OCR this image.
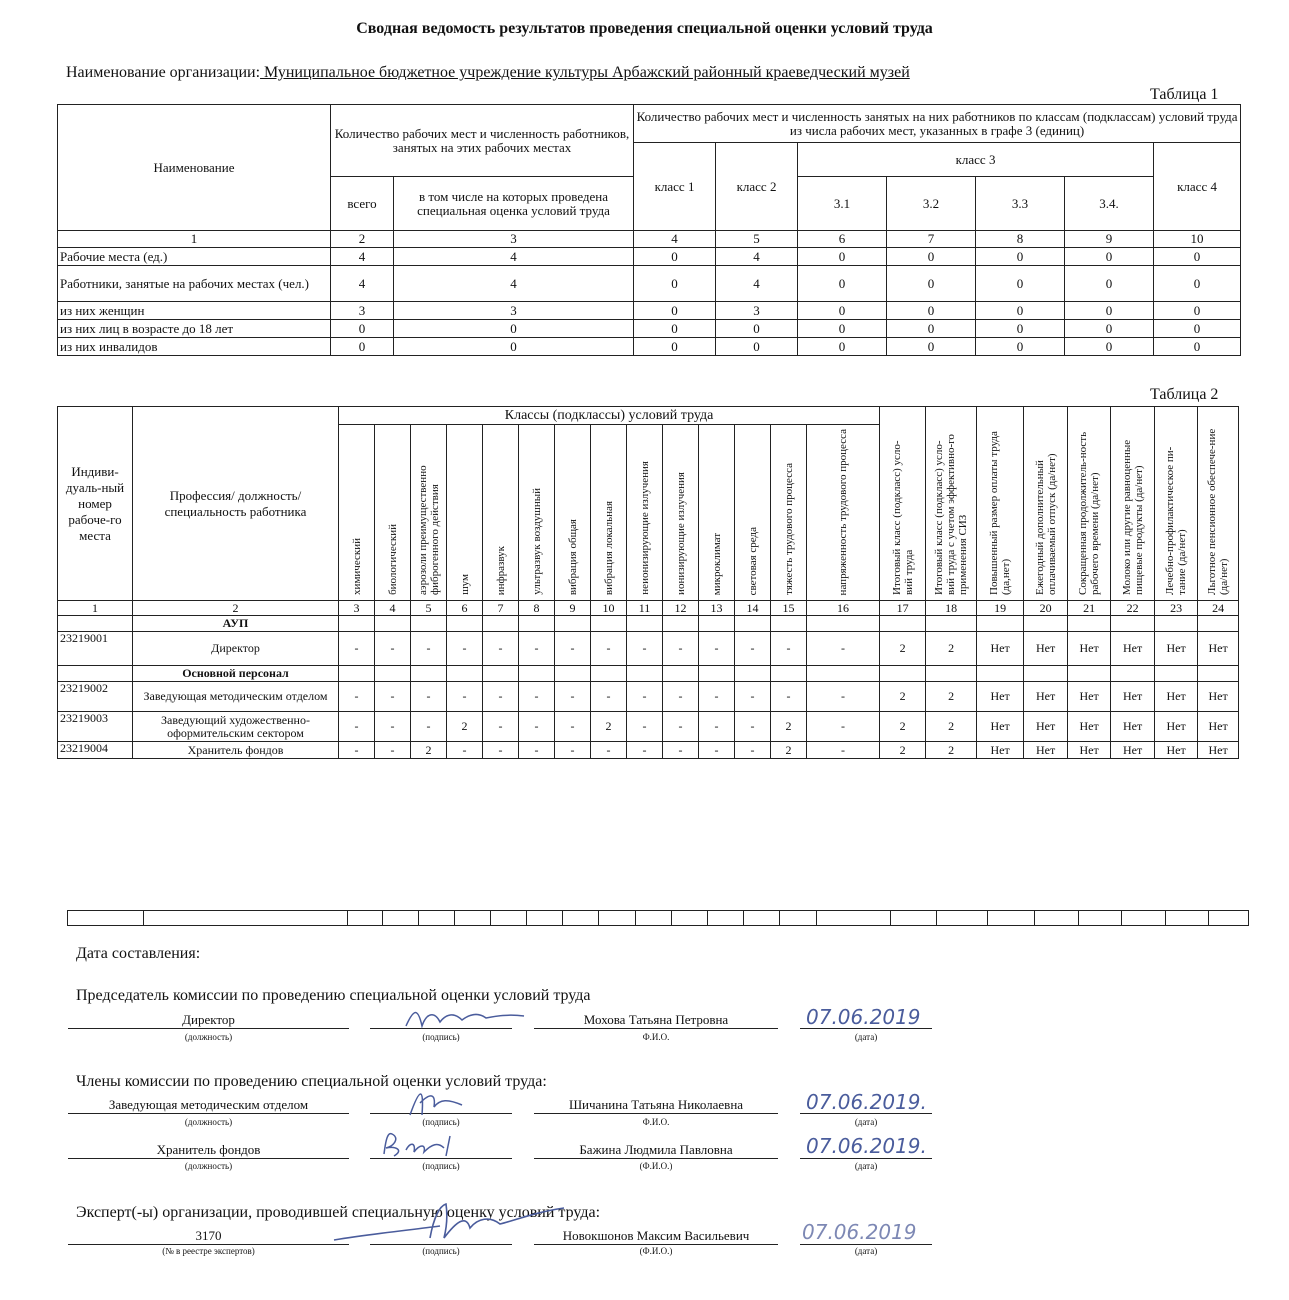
Сводная ведомость результатов проведения специальной оценки условий труда
Наименование организации: Муниципальное бюджетное учреждение культуры Арбажский районный краеведческий музей
Таблица 1
Наименование	Количество рабочих мест и численность работников, занятых на этих рабочих местах		Количество рабочих мест и численность занятых на них работников по классам (подклассам) условий труда из числа рабочих мест, указанных в графе 3 (единиц)						
			класс 1	класс 2	класс 3				класс 4
	всего	в том числе на которых проведена специальная оценка условий труда			3.1	3.2	3.3	3.4.	
1	2	3	4	5	6	7	8	9	10
Рабочие места (ед.)	4	4	0	4	0	0	0	0	0
Работники, занятые на рабочих местах (чел.)	4	4	0	4	0	0	0	0	0
из них женщин	3	3	0	3	0	0	0	0	0
из них лиц в возрасте до 18 лет	0	0	0	0	0	0	0	0	0
из них инвалидов	0	0	0	0	0	0	0	0	0
Таблица 2
Индиви-дуаль-ный номер рабоче-го места	Профессия/ должность/ специальность работника	Классы (подклассы) условий труда														Итоговый класс (подкласс) усло-вий труда	Итоговый класс (подкласс) усло-вий труда с учетом эффективно-го применения СИЗ	Повышенный размер оплаты труда (да,нет)	Ежегодный дополнительный оплачиваемый отпуск (да/нет)	Сокращенная продолжитель-ность рабочего времени (да/нет)	Молоко или другие равноценные пищевые продукты (да/нет)	Лечебно-профилактическое пи-тание (да/нет)	Льготное пенсионное обеспече-ние (да/нет)
		химический	биологический	аэрозоли преимущественно фиброгенного действия	шум	инфразвук	ультразвук воздушный	вибрация общая	вибрация локальная	неионизирующие излучения	ионизирующие излучения	микроклимат	световая среда	тяжесть трудового процесса	напряженность трудового процесса								
1	2	3	4	5	6	7	8	9	10	11	12	13	14	15	16	17	18	19	20	21	22	23	24
	АУП																						
23219001	Директор	-	-	-	-	-	-	-	-	-	-	-	-	-	-	2	2	Нет	Нет	Нет	Нет	Нет	Нет
	Основной персонал																						
23219002	Заведующая методическим отделом	-	-	-	-	-	-	-	-	-	-	-	-	-	-	2	2	Нет	Нет	Нет	Нет	Нет	Нет
23219003	Заведующий художественно-оформительским сектором	-	-	-	2	-	-	-	2	-	-	-	-	2	-	2	2	Нет	Нет	Нет	Нет	Нет	Нет
23219004	Хранитель фондов	-	-	2	-	-	-	-	-	-	-	-	-	2	-	2	2	Нет	Нет	Нет	Нет	Нет	Нет
Дата составления:
Председатель комиссии по проведению специальной оценки условий труда
Директор	Мохова Татьяна Петровна	07.06.2019
(должность)	(подпись)	Ф.И.О.	(дата)
Члены комиссии по проведению специальной оценки условий труда:
Заведующая методическим отделом	Шичанина Татьяна Николаевна	07.06.2019.
(должность)	(подпись)	Ф.И.О.	(дата)
Хранитель фондов	Бажина Людмила Павловна	07.06.2019.
(должность)	(подпись)	(Ф.И.О.)	(дата)
Эксперт(-ы) организации, проводившей специальную оценку условий труда:
3170	Новокшонов Максим Васильевич	07.06.2019
(№ в реестре экспертов)	(подпись)	(Ф.И.О.)	(дата)
